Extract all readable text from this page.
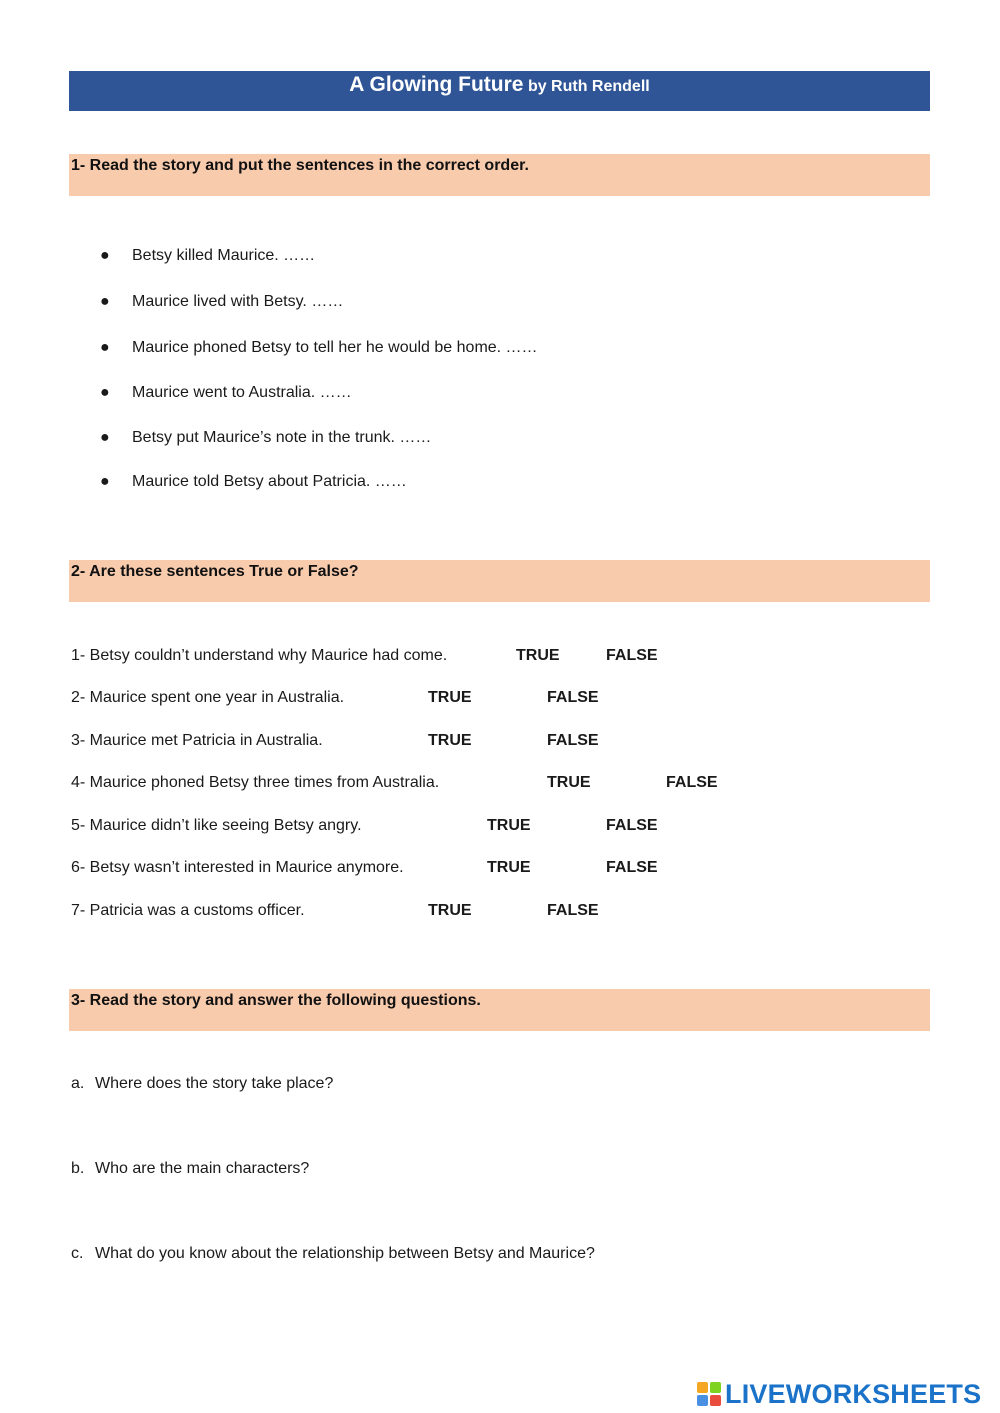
A Glowing Future by Ruth Rendell
1- Read the story and put the sentences in the correct order.
● Betsy killed Maurice. ……
● Maurice lived with Betsy. ……
● Maurice phoned Betsy to tell her he would be home. ……
● Maurice went to Australia. ……
● Betsy put Maurice’s note in the trunk. ……
● Maurice told Betsy about Patricia. ……
2- Are these sentences True or False?
1- Betsy couldn’t understand why Maurice had come.	TRUE	FALSE
2- Maurice spent one year in Australia.	TRUE	FALSE
3- Maurice met Patricia in Australia.	TRUE	FALSE
4- Maurice phoned Betsy three times from Australia.	TRUE	FALSE
5- Maurice didn’t like seeing Betsy angry.	TRUE	FALSE
6- Betsy wasn’t interested in Maurice anymore.	TRUE	FALSE
7- Patricia was a customs officer.	TRUE	FALSE
3- Read the story and answer the following questions.
a. Where does the story take place?
b. Who are the main characters?
c. What do you know about the relationship between Betsy and Maurice?
LIVEWORKSHEETS
